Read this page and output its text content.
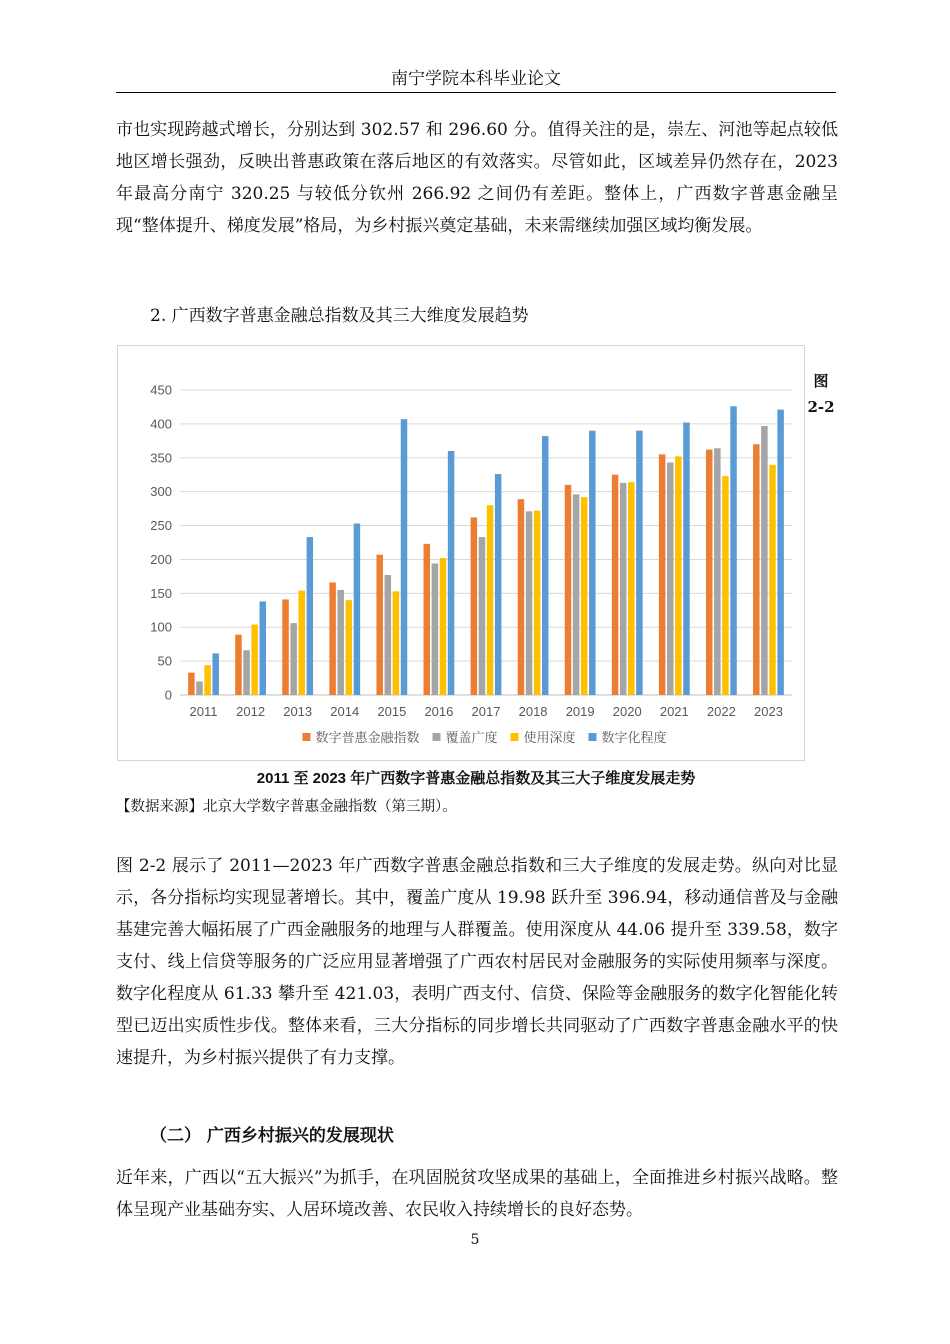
南宁学院本科毕业论文

市也实现跨越式增长，分别达到 302.57 和 296.60 分。值得关注的是，崇左、河池等起点较低地区增长强劲，反映出普惠政策在落后地区的有效落实。尽管如此，区域差异仍然存在，2023 年最高分南宁 320.25 与较低分钦州 266.92 之间仍有差距。整体上，广西数字普惠金融呈现“整体提升、梯度发展”格局，为乡村振兴奠定基础，未来需继续加强区域均衡发展。

2. 广西数字普惠金融总指数及其三大维度发展趋势
0
50
100
150
200
250
300
350
400
450
2011 2012 2013 2014 2015 2016 2017 2018 2019 2020 2021 2022 2023
数字普惠金融指数 覆盖广度 使用深度 数字化程度
图 2-2
2011 至 2023 年广西数字普惠金融总指数及其三大子维度发展走势
【数据来源】北京大学数字普惠金融指数（第三期）。

图 2-2 展示了 2011—2023 年广西数字普惠金融总指数和三大子维度的发展走势。纵向对比显示，各分指标均实现显著增长。其中，覆盖广度从 19.98 跃升至 396.94，移动通信普及与金融基建完善大幅拓展了广西金融服务的地理与人群覆盖。使用深度从 44.06 提升至 339.58，数字支付、线上信贷等服务的广泛应用显著增强了广西农村居民对金融服务的实际使用频率与深度。数字化程度从 61.33 攀升至 421.03，表明广西支付、信贷、保险等金融服务的数字化智能化转型已迈出实质性步伐。整体来看，三大分指标的同步增长共同驱动了广西数字普惠金融水平的快速提升，为乡村振兴提供了有力支撑。

（二） 广西乡村振兴的发展现状

近年来，广西以“五大振兴”为抓手，在巩固脱贫攻坚成果的基础上，全面推进乡村振兴战略。整体呈现产业基础夯实、人居环境改善、农民收入持续增长的良好态势。

5
